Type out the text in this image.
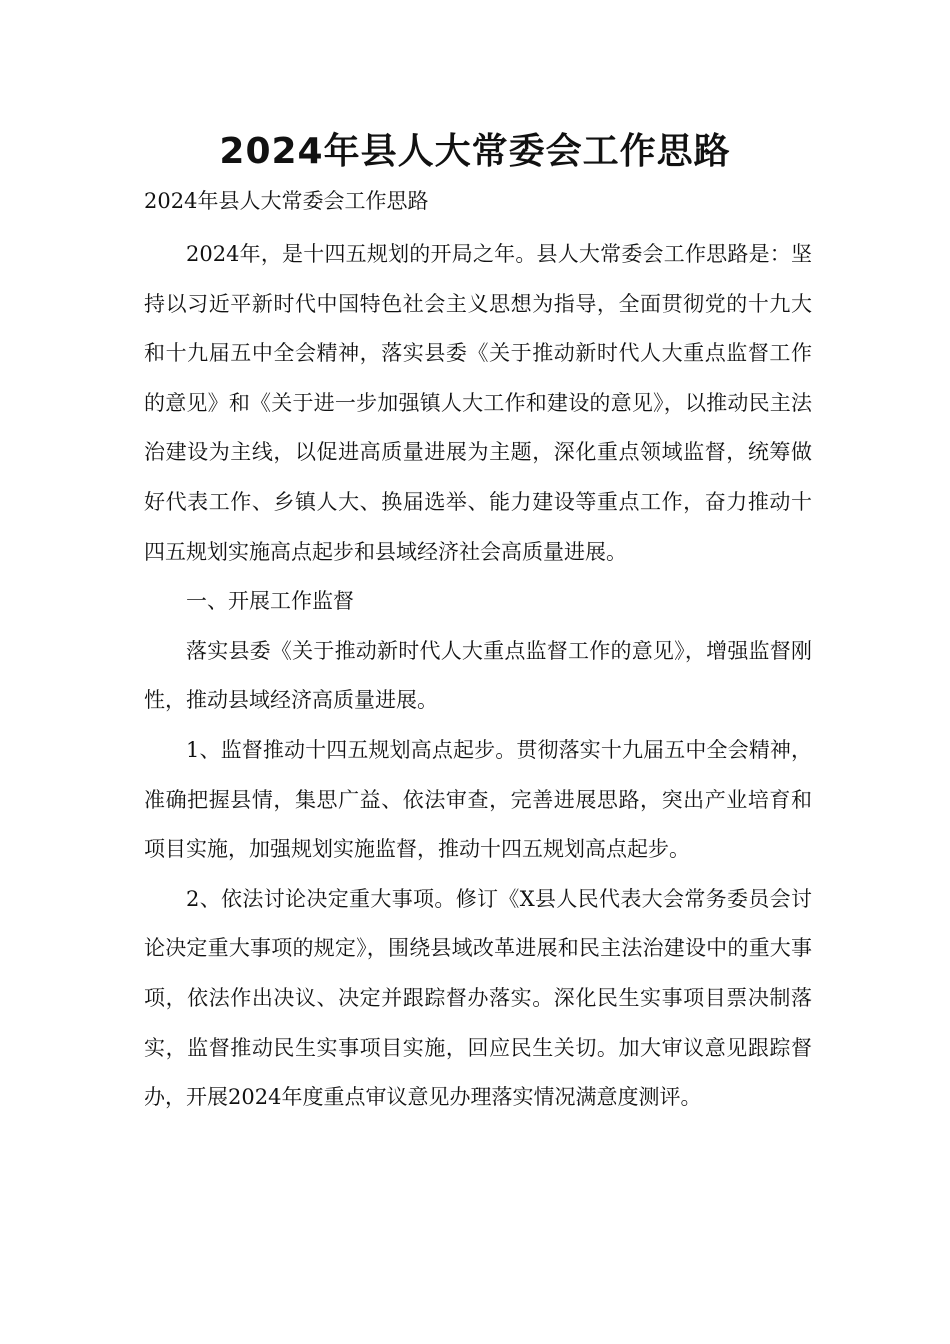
2024年县人大常委会工作思路

2024年县人大常委会工作思路

2024年，是十四五规划的开局之年。县人大常委会工作思路是：坚持以习近平新时代中国特色社会主义思想为指导，全面贯彻党的十九大和十九届五中全会精神，落实县委《关于推动新时代人大重点监督工作的意见》和《关于进一步加强镇人大工作和建设的意见》，以推动民主法治建设为主线，以促进高质量进展为主题，深化重点领域监督，统筹做好代表工作、乡镇人大、换届选举、能力建设等重点工作，奋力推动十四五规划实施高点起步和县域经济社会高质量进展。

一、开展工作监督

落实县委《关于推动新时代人大重点监督工作的意见》，增强监督刚性，推动县域经济高质量进展。

1、监督推动十四五规划高点起步。贯彻落实十九届五中全会精神，准确把握县情，集思广益、依法审查，完善进展思路，突出产业培育和项目实施，加强规划实施监督，推动十四五规划高点起步。

2、依法讨论决定重大事项。修订《X县人民代表大会常务委员会讨论决定重大事项的规定》，围绕县域改革进展和民主法治建设中的重大事项，依法作出决议、决定并跟踪督办落实。深化民生实事项目票决制落实，监督推动民生实事项目实施，回应民生关切。加大审议意见跟踪督办，开展2024年度重点审议意见办理落实情况满意度测评。
